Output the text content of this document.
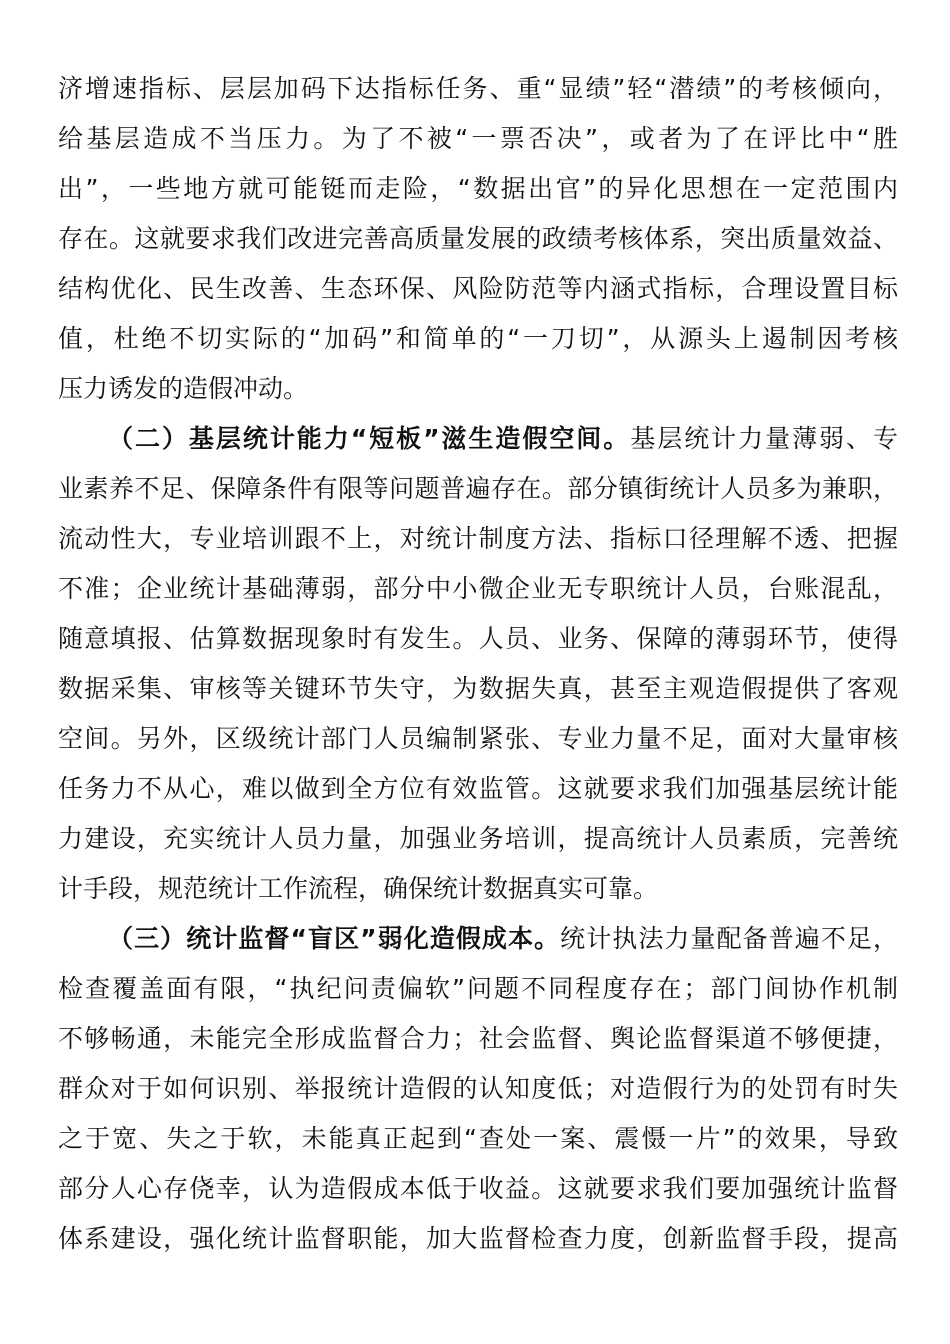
济增速指标、层层加码下达指标任务、重“显绩”轻“潜绩”的考核倾向，
给基层造成不当压力。为了不被“一票否决”，或者为了在评比中“胜
出”，一些地方就可能铤而走险，“数据出官”的异化思想在一定范围内
存在。这就要求我们改进完善高质量发展的政绩考核体系，突出质量效益、
结构优化、民生改善、生态环保、风险防范等内涵式指标，合理设置目标
值，杜绝不切实际的“加码”和简单的“一刀切”，从源头上遏制因考核
压力诱发的造假冲动。
（二）基层统计能力“短板”滋生造假空间。基层统计力量薄弱、专
业素养不足、保障条件有限等问题普遍存在。部分镇街统计人员多为兼职，
流动性大，专业培训跟不上，对统计制度方法、指标口径理解不透、把握
不准；企业统计基础薄弱，部分中小微企业无专职统计人员，台账混乱，
随意填报、估算数据现象时有发生。人员、业务、保障的薄弱环节，使得
数据采集、审核等关键环节失守，为数据失真，甚至主观造假提供了客观
空间。另外，区级统计部门人员编制紧张、专业力量不足，面对大量审核
任务力不从心，难以做到全方位有效监管。这就要求我们加强基层统计能
力建设，充实统计人员力量，加强业务培训，提高统计人员素质，完善统
计手段，规范统计工作流程，确保统计数据真实可靠。
（三）统计监督“盲区”弱化造假成本。统计执法力量配备普遍不足，
检查覆盖面有限，“执纪问责偏软”问题不同程度存在；部门间协作机制
不够畅通，未能完全形成监督合力；社会监督、舆论监督渠道不够便捷，
群众对于如何识别、举报统计造假的认知度低；对造假行为的处罚有时失
之于宽、失之于软，未能真正起到“查处一案、震慑一片”的效果，导致
部分人心存侥幸，认为造假成本低于收益。这就要求我们要加强统计监督
体系建设，强化统计监督职能，加大监督检查力度，创新监督手段，提高
